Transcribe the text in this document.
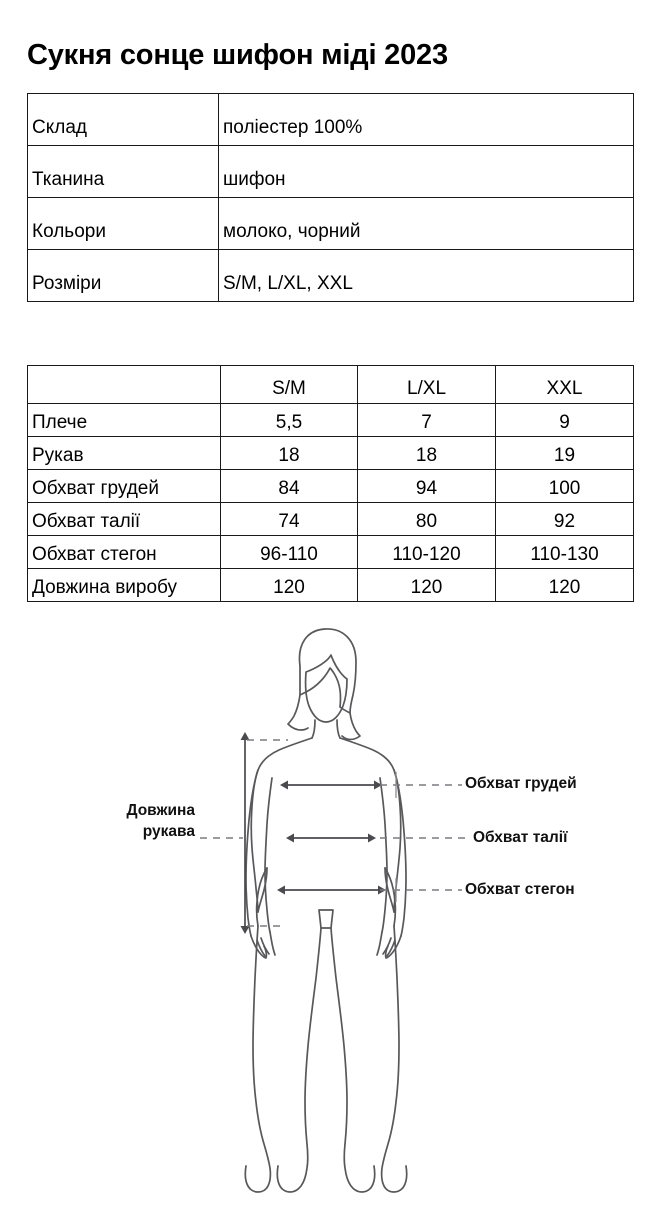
Сукня сонце шифон міді 2023
Склад	поліестер 100%
Тканина	шифон
Кольори	молоко, чорний
Розміри	S/M, L/XL, XXL
	S/M	L/XL	XXL
Плече	5,5	7	9
Рукав	18	18	19
Обхват грудей	84	94	100
Обхват талії	74	80	92
Обхват стегон	96-110	110-120	110-130
Довжина виробу	120	120	120
Обхват грудей
Обхват талії
Обхват стегон
Довжина
рукава
